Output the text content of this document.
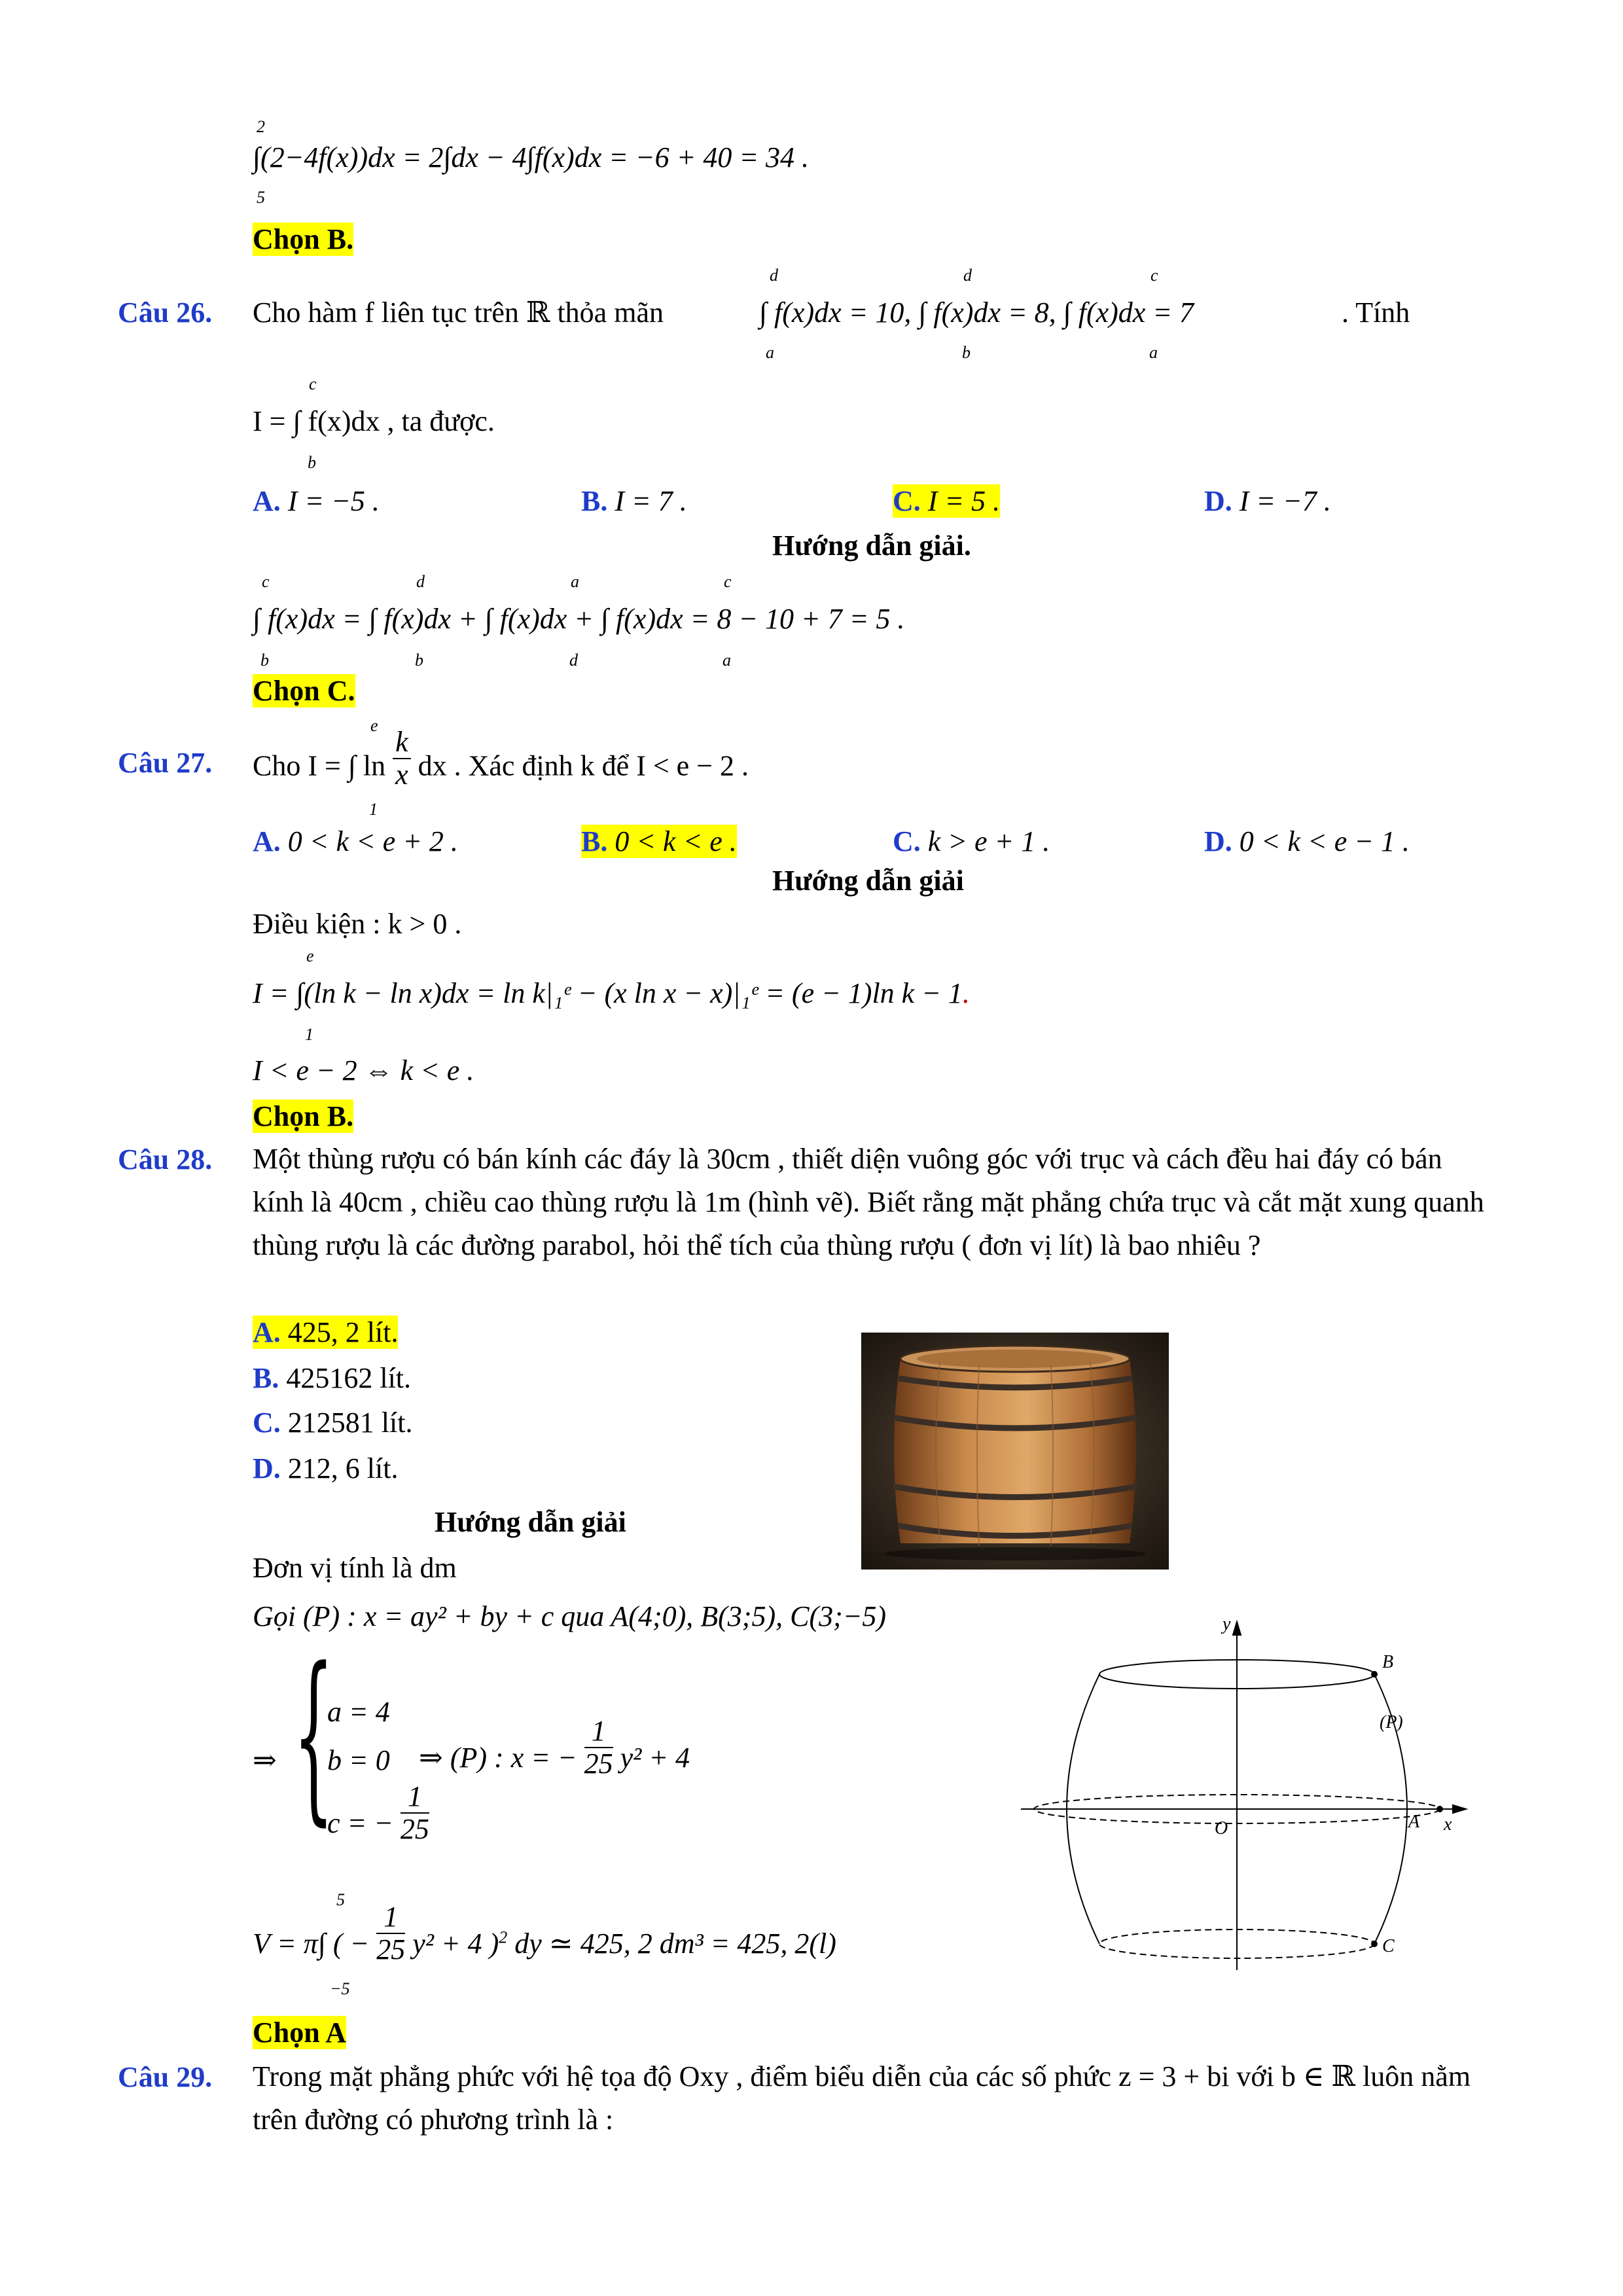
2
5
∫(2−4f(x))dx = 2∫dx − 4∫f(x)dx = −6 + 40 = 34 .
Chọn B.
Câu 26. Cho hàm f liên tục trên ℝ thỏa mãn	∫ f(x)dx = 10, ∫ f(x)dx = 8, ∫ f(x)dx = 7
d
a
d
b
c
a
. Tính
I = ∫ f(x)dx , ta được.
c
b
A. I = −5 .	B. I = 7 .	C. I = 5 .	D. I = −7 .
Hướng dẫn giải.
∫ f(x)dx = ∫ f(x)dx + ∫ f(x)dx + ∫ f(x)dx = 8 − 10 + 7 = 5 .
c
b
d
b
a
d
c
a
Chọn C.
Câu 27. Cho I = ∫ $\ln \frac{k}{x}$ dx . Xác định k để I < e − 2 .
e
1
A. 0 < k < e + 2 .	B. 0 < k < e .	C. k > e + 1 .	D. 0 < k < e − 1 .
Hướng dẫn giải
Điều kiện : k > 0 .
I = ∫(ln k − ln x)dx = ln k|₁ᵉ − (x ln x − x)|₁ᵉ = (e − 1)ln k − 1.
e
1
I < e − 2 ⇔ k < e .
Chọn B.
Câu 28. Một thùng rượu có bán kính các đáy là 30cm , thiết diện vuông góc với trục và cách đều hai đáy có bán kính là 40cm , chiều cao thùng rượu là 1m (hình vẽ). Biết rằng mặt phẳng chứa trục và cắt mặt xung quanh thùng rượu là các đường parabol, hỏi thể tích của thùng rượu ( đơn vị lít) là bao nhiêu ?
A. 425, 2 lít.
B. 425162 lít.
C. 212581 lít.
D. 212, 6 lít.
Hướng dẫn giải
Đơn vị tính là dm
Gọi (P) : x = ay² + by + c qua A(4;0), B(3;5), C(3;−5)
⇒ {
a = 4
b = 0
c = − $\frac{1}{25}$
⇒ (P) : x = − $\frac{1}{25} y^2 + 4$
V = π∫ ( − $\frac{1}{25} y^2 + 4$ )$^2$ dy ≃ 425, 2 dm³ = 425, 2(l)
5
−5
Chọn A
y
x
B
(P)
O	A
C
Câu 29. Trong mặt phẳng phức với hệ tọa độ Oxy , điểm biểu diễn của các số phức z = 3 + bi với b ∈ ℝ luôn nằm trên đường có phương trình là :
